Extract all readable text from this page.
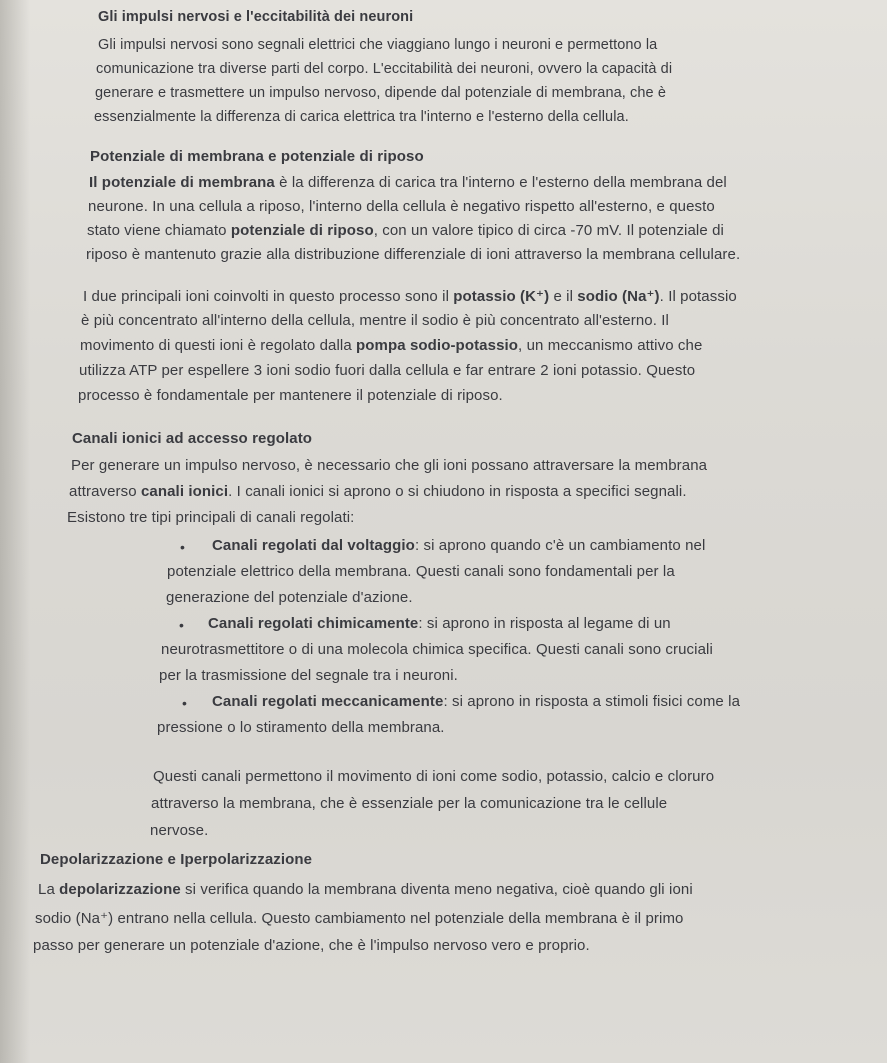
Gli impulsi nervosi e l'eccitabilità dei neuroni
Gli impulsi nervosi sono segnali elettrici che viaggiano lungo i neuroni e permettono la
comunicazione tra diverse parti del corpo. L'eccitabilità dei neuroni, ovvero la capacità di
generare e trasmettere un impulso nervoso, dipende dal potenziale di membrana, che è
essenzialmente la differenza di carica elettrica tra l'interno e l'esterno della cellula.
Potenziale di membrana e potenziale di riposo
Il potenziale di membrana è la differenza di carica tra l'interno e l'esterno della membrana del
neurone. In una cellula a riposo, l'interno della cellula è negativo rispetto all'esterno, e questo
stato viene chiamato potenziale di riposo, con un valore tipico di circa -70 mV. Il potenziale di
riposo è mantenuto grazie alla distribuzione differenziale di ioni attraverso la membrana cellulare.
I due principali ioni coinvolti in questo processo sono il potassio (K⁺) e il sodio (Na⁺). Il potassio
è più concentrato all'interno della cellula, mentre il sodio è più concentrato all'esterno. Il
movimento di questi ioni è regolato dalla pompa sodio-potassio, un meccanismo attivo che
utilizza ATP per espellere 3 ioni sodio fuori dalla cellula e far entrare 2 ioni potassio. Questo
processo è fondamentale per mantenere il potenziale di riposo.
Canali ionici ad accesso regolato
Per generare un impulso nervoso, è necessario che gli ioni possano attraversare la membrana
attraverso canali ionici. I canali ionici si aprono o si chiudono in risposta a specifici segnali.
Esistono tre tipi principali di canali regolati:
• Canali regolati dal voltaggio: si aprono quando c'è un cambiamento nel
potenziale elettrico della membrana. Questi canali sono fondamentali per la
generazione del potenziale d'azione.
• Canali regolati chimicamente: si aprono in risposta al legame di un
neurotrasmettitore o di una molecola chimica specifica. Questi canali sono cruciali
per la trasmissione del segnale tra i neuroni.
• Canali regolati meccanicamente: si aprono in risposta a stimoli fisici come la
pressione o lo stiramento della membrana.
Questi canali permettono il movimento di ioni come sodio, potassio, calcio e cloruro
attraverso la membrana, che è essenziale per la comunicazione tra le cellule
nervose.
Depolarizzazione e Iperpolarizzazione
La depolarizzazione si verifica quando la membrana diventa meno negativa, cioè quando gli ioni
sodio (Na⁺) entrano nella cellula. Questo cambiamento nel potenziale della membrana è il primo
passo per generare un potenziale d'azione, che è l'impulso nervoso vero e proprio.
